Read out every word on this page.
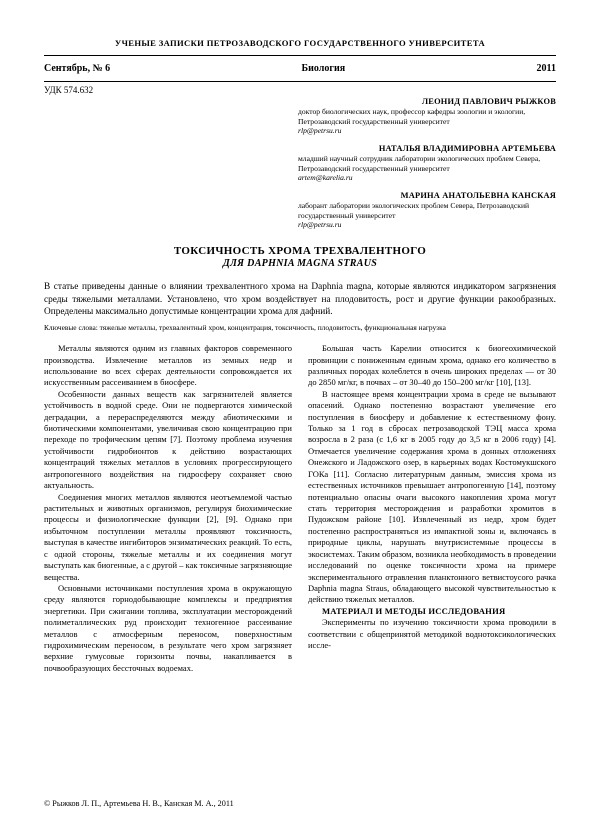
УЧЕНЫЕ ЗАПИСКИ ПЕТРОЗАВОДСКОГО ГОСУДАРСТВЕННОГО УНИВЕРСИТЕТА
Сентябрь, № 6	Биология	2011
УДК 574.632
ЛЕОНИД ПАВЛОВИЧ РЫЖКОВ
доктор биологических наук, профессор кафедры зоологии и экологии, Петрозаводский государственный университет
rlp@petrsu.ru
НАТАЛЬЯ ВЛАДИМИРОВНА АРТЕМЬЕВА
младший научный сотрудник лаборатории экологических проблем Севера, Петрозаводский государственный университет
artem@karelia.ru
МАРИНА АНАТОЛЬЕВНА КАНСКАЯ
лаборант лаборатории экологических проблем Севера, Петрозаводский государственный университет
rlp@petrsu.ru
ТОКСИЧНОСТЬ ХРОМА ТРЕХВАЛЕНТНОГО
ДЛЯ DAPHNIA MAGNA STRAUS
В статье приведены данные о влиянии трехвалентного хрома на Daphnia magna, которые являются индикатором загрязнения среды тяжелыми металлами. Установлено, что хром воздействует на плодовитость, рост и другие функции ракообразных. Определены максимально допустимые концентрации хрома для дафний.
Ключевые слова: тяжелые металлы, трехвалентный хром, концентрация, токсичность, плодовитость, функциональная нагрузка

Металлы являются одним из главных факторов современного производства. Извлечение металлов из земных недр и использование во всех сферах деятельности сопровождается их искусственным рассеиванием в биосфере.

Особенности данных веществ как загрязнителей является устойчивость в водной среде. Они не подвергаются химической деградации, а перераспределяются между абиотическими и биотическими компонентами, увеличивая свою концентрацию при переходе по трофическим цепям [7]. Поэтому проблема изучения устойчивости гидробионтов к действию возрастающих концентраций тяжелых металлов в условиях прогрессирующего антропогенного воздействия на гидросферу сохраняет свою актуальность.

Соединения многих металлов являются неотъемлемой частью растительных и животных организмов, регулируя биохимические процессы и физиологические функции [2], [9]. Однако при избыточном поступлении металлы проявляют токсичность, выступая в качестве ингибиторов энзиматических реакций. То есть, с одной стороны, тяжелые металлы и их соединения могут выступать как биогенные, а с другой – как токсичные загрязняющие вещества.

Основными источниками поступления хрома в окружающую среду являются горнодобывающие комплексы и предприятия энергетики. При сжигании топлива, эксплуатации месторождений полиметаллических руд происходит техногенное рассеивание металлов с атмосферным переносом, поверхностным гидрохимическим переносом, в результате чего хром загрязняет верхние гумусовые горизонты почвы, накапливается в почвообразующих бессточных водоемах.

Большая часть Карелии относится к биогеохимической провинции с пониженным единым хрома, однако его количество в различных породах колеблется в очень широких пределах — от 30 до 2850 мг/кг, в почвах – от 30–40 до 150–200 мг/кг [10], [13].

В настоящее время концентрации хрома в среде не вызывают опасений. Однако постепенно возрастают увеличение его поступления в биосферу и добавление к естественному фону. Только за 1 год в сбросах петрозаводской ТЭЦ масса хрома возросла в 2 раза (с 1,6 кг в 2005 году до 3,5 кг в 2006 году) [4]. Отмечается увеличение содержания хрома в донных отложениях Онежского и Ладожского озер, в карьерных водах Костомукшского ГОКа [11]. Согласно литературным данным, эмиссия хрома из естественных источников превышает антропогенную [14], поэтому потенциально опасны очаги высокого накопления хрома могут стать территория месторождения и разработки хромитов в Пудожском районе [10]. Извлеченный из недр, хром будет постепенно распространяться из импактной зоны и, включаясь в природные циклы, нарушать внутрисистемные процессы в экосистемах. Таким образом, возникла необходимость в проведении исследований по оценке токсичности хрома на примере экспериментального отравления планктонного ветвистоусого рачка Daphnia magna Straus, обладающего высокой чувствительностью к действию тяжелых металлов.

МАТЕРИАЛ И МЕТОДЫ ИССЛЕДОВАНИЯ

Эксперименты по изучению токсичности хрома проводили в соответствии с общепринятой методикой воднотоксикологических иссле-

© Рыжков Л. П., Артемьева Н. В., Канская М. А., 2011
